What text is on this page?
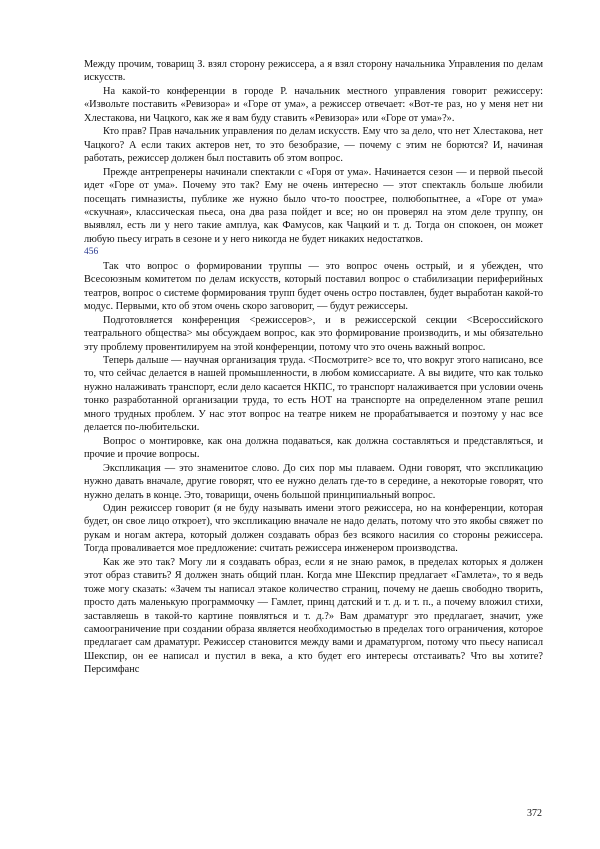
Между прочим, товарищ З. взял сторону режиссера, а я взял сторону начальника Управления по делам искусств.

На какой-то конференции в городе Р. начальник местного управления говорит режиссеру: «Извольте поставить «Ревизора» и «Горе от ума», а режиссер отвечает: «Вот-те раз, но у меня нет ни Хлестакова, ни Чацкого, как же я вам буду ставить «Ревизора» или «Горе от ума»?».

Кто прав? Прав начальник управления по делам искусств. Ему что за дело, что нет Хлестакова, нет Чацкого? А если таких актеров нет, то это безобразие, — почему с этим не борются? И, начиная работать, режиссер должен был поставить об этом вопрос.

Прежде антрепренеры начинали спектакли с «Горя от ума». Начинается сезон — и первой пьесой идет «Горе от ума». Почему это так? Ему не очень интересно — этот спектакль больше любили посещать гимназисты, публике же нужно было что-то поострее, полюбопытнее, а «Горе от ума» «скучная», классическая пьеса, она два раза пойдет и все; но он проверял на этом деле труппу, он выявлял, есть ли у него такие амплуа, как Фамусов, как Чацкий и т. д. Тогда он спокоен, он может любую пьесу играть в сезоне и у него никогда не будет никаких недостатков.

456

Так что вопрос о формировании труппы — это вопрос очень острый, и я убежден, что Всесоюзным комитетом по делам искусств, который поставил вопрос о стабилизации периферийных театров, вопрос о системе формирования трупп будет очень остро поставлен, будет выработан какой-то модус. Первыми, кто об этом очень скоро заговорит, — будут режиссеры.

Подготовляется конференция <режиссеров>, и в режиссерской секции <Всероссийского театрального общества> мы обсуждаем вопрос, как это формирование производить, и мы обязательно эту проблему провентилируем на этой конференции, потому что это очень важный вопрос.

Теперь дальше — научная организация труда. <Посмотрите> все то, что вокруг этого написано, все то, что сейчас делается в нашей промышленности, в любом комиссариате. А вы видите, что как только нужно налаживать транспорт, если дело касается НКПС, то транспорт налаживается при условии очень тонко разработанной организации труда, то есть НОТ на транспорте на определенном этапе решил много трудных проблем. У нас этот вопрос на театре никем не прорабатывается и поэтому у нас все делается по-любительски.

Вопрос о монтировке, как она должна подаваться, как должна составляться и представляться, и прочие и прочие вопросы.

Экспликация — это знаменитое слово. До сих пор мы плаваем. Одни говорят, что экспликацию нужно давать вначале, другие говорят, что ее нужно делать где-то в середине, а некоторые говорят, что нужно делать в конце. Это, товарищи, очень большой принципиальный вопрос.

Один режиссер говорит (я не буду называть имени этого режиссера, но на конференции, которая будет, он свое лицо откроет), что экспликацию вначале не надо делать, потому что это якобы свяжет по рукам и ногам актера, который должен создавать образ без всякого насилия со стороны режиссера. Тогда проваливается мое предложение: считать режиссера инженером производства.

Как же это так? Могу ли я создавать образ, если я не знаю рамок, в пределах которых я должен этот образ ставить? Я должен знать общий план. Когда мне Шекспир предлагает «Гамлета», то я ведь тоже могу сказать: «Зачем ты написал этакое количество страниц, почему не даешь свободно творить, просто дать маленькую программочку — Гамлет, принц датский и т. д. и т. п., а почему вложил стихи, заставляешь в такой-то картине появляться и т. д.?» Вам драматург это предлагает, значит, уже самоограничение при создании образа является необходимостью в пределах того ограничения, которое предлагает сам драматург. Режиссер становится между вами и драматургом, потому что пьесу написал Шекспир, он ее написал и пустил в века, а кто будет его интересы отстаивать? Что вы хотите? Персимфанс

372
